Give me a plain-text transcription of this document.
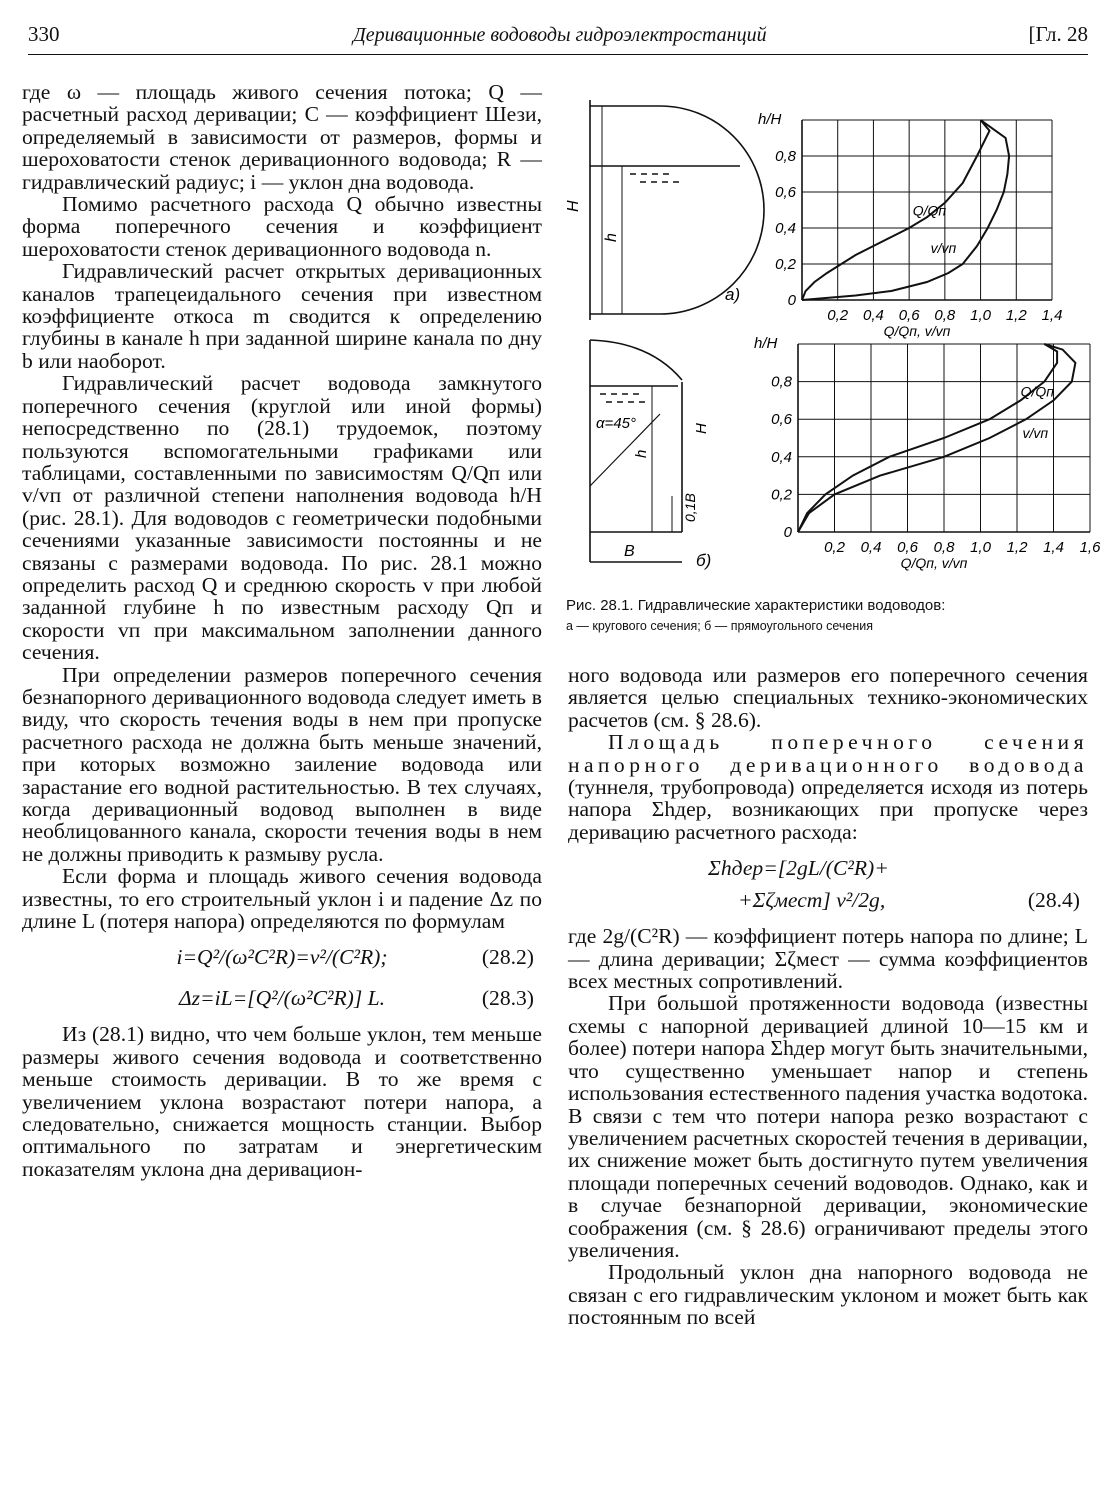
330	Деривационные водоводы гидроэлектростанций	[Гл. 28

где ω — площадь живого сечения потока; Q — расчетный расход деривации; C — коэффициент Шези, определяемый в зависимости от размеров, формы и шероховатости стенок деривационного водовода; R — гидравлический радиус; i — уклон дна водовода.

Помимо расчетного расхода Q обычно известны форма поперечного сечения и коэффициент шероховатости стенок деривационного водовода n.

Гидравлический расчет открытых деривационных каналов трапецеидального сечения при известном коэффициенте откоса m сводится к определению глубины в канале h при заданной ширине канала по дну b или наоборот.

Гидравлический расчет водовода замкнутого поперечного сечения (круглой или иной формы) непосредственно по (28.1) трудоемок, поэтому пользуются вспомогательными графиками или таблицами, составленными по зависимостям Q/Qп или v/vп от различной степени наполнения водовода h/H (рис. 28.1). Для водоводов с геометрически подобными сечениями указанные зависимости постоянны и не связаны с размерами водовода. По рис. 28.1 можно определить расход Q и среднюю скорость v при любой заданной глубине h по известным расходу Qп и скорости vп при максимальном заполнении данного сечения.

При определении размеров поперечного сечения безнапорного деривационного водовода следует иметь в виду, что скорость течения воды в нем при пропуске расчетного расхода не должна быть меньше значений, при которых возможно заиление водовода или зарастание его водной растительностью. В тех случаях, когда деривационный водовод выполнен в виде необлицованного канала, скорости течения воды в нем не должны приводить к размыву русла.

Если форма и площадь живого сечения водовода известны, то его строительный уклон i и падение Δz по длине L (потеря напора) определяются по формулам

i=Q²/(ω²C²R)=v²/(C²R);	(28.2)
Δz=iL=[Q²/(ω²C²R)] L.	(28.3)

Из (28.1) видно, что чем больше уклон, тем меньше размеры живого сечения водовода и соответственно меньше стоимость деривации. В то же время с увеличением уклона возрастают потери напора, а следовательно, снижается мощность станции. Выбор оптимального по затратам и энергетическим показателям уклона дна деривацион-

H
h
а)
α=45°	H
h
0,1B
B	б)
0,2 0,4 0,6 0,8 1,0 1,2 1,4
0
0,2
0,4
0,6
0,8
h/H
Q/Qп, v/vп
Q/Qп
v/vп
0,2 0,4 0,6 0,8 1,0 1,2 1,4 1,6
0
0,2
0,4
0,6
0,8
h/H
Q/Qп, v/vп
Q/Qп
v/vп
Рис. 28.1. Гидравлические характеристики водоводов:
а — кругового сечения; б — прямоугольного сечения

ного водовода или размеров его поперечного сечения является целью специальных технико-экономических расчетов (см. § 28.6).

Площадь поперечного сечения напорного деривационного водовода (туннеля, трубопровода) определяется исходя из потерь напора Σhдер, возникающих при пропуске через деривацию расчетного расхода:

Σhдер=[2gL/(C²R)+
+Σζмест] v²/2g,	(28.4)

где 2g/(C²R) — коэффициент потерь напора по длине; L — длина деривации; Σζмест — сумма коэффициентов всех местных сопротивлений.

При большой протяженности водовода (известны схемы с напорной деривацией длиной 10—15 км и более) потери напора Σhдер могут быть значительными, что существенно уменьшает напор и степень использования естественного падения участка водотока. В связи с тем что потери напора резко возрастают с увеличением расчетных скоростей течения в деривации, их снижение может быть достигнуто путем увеличения площади поперечных сечений водоводов. Однако, как и в случае безнапорной деривации, экономические соображения (см. § 28.6) ограничивают пределы этого увеличения.

Продольный уклон дна напорного водовода не связан с его гидравлическим уклоном и может быть как постоянным по всей
